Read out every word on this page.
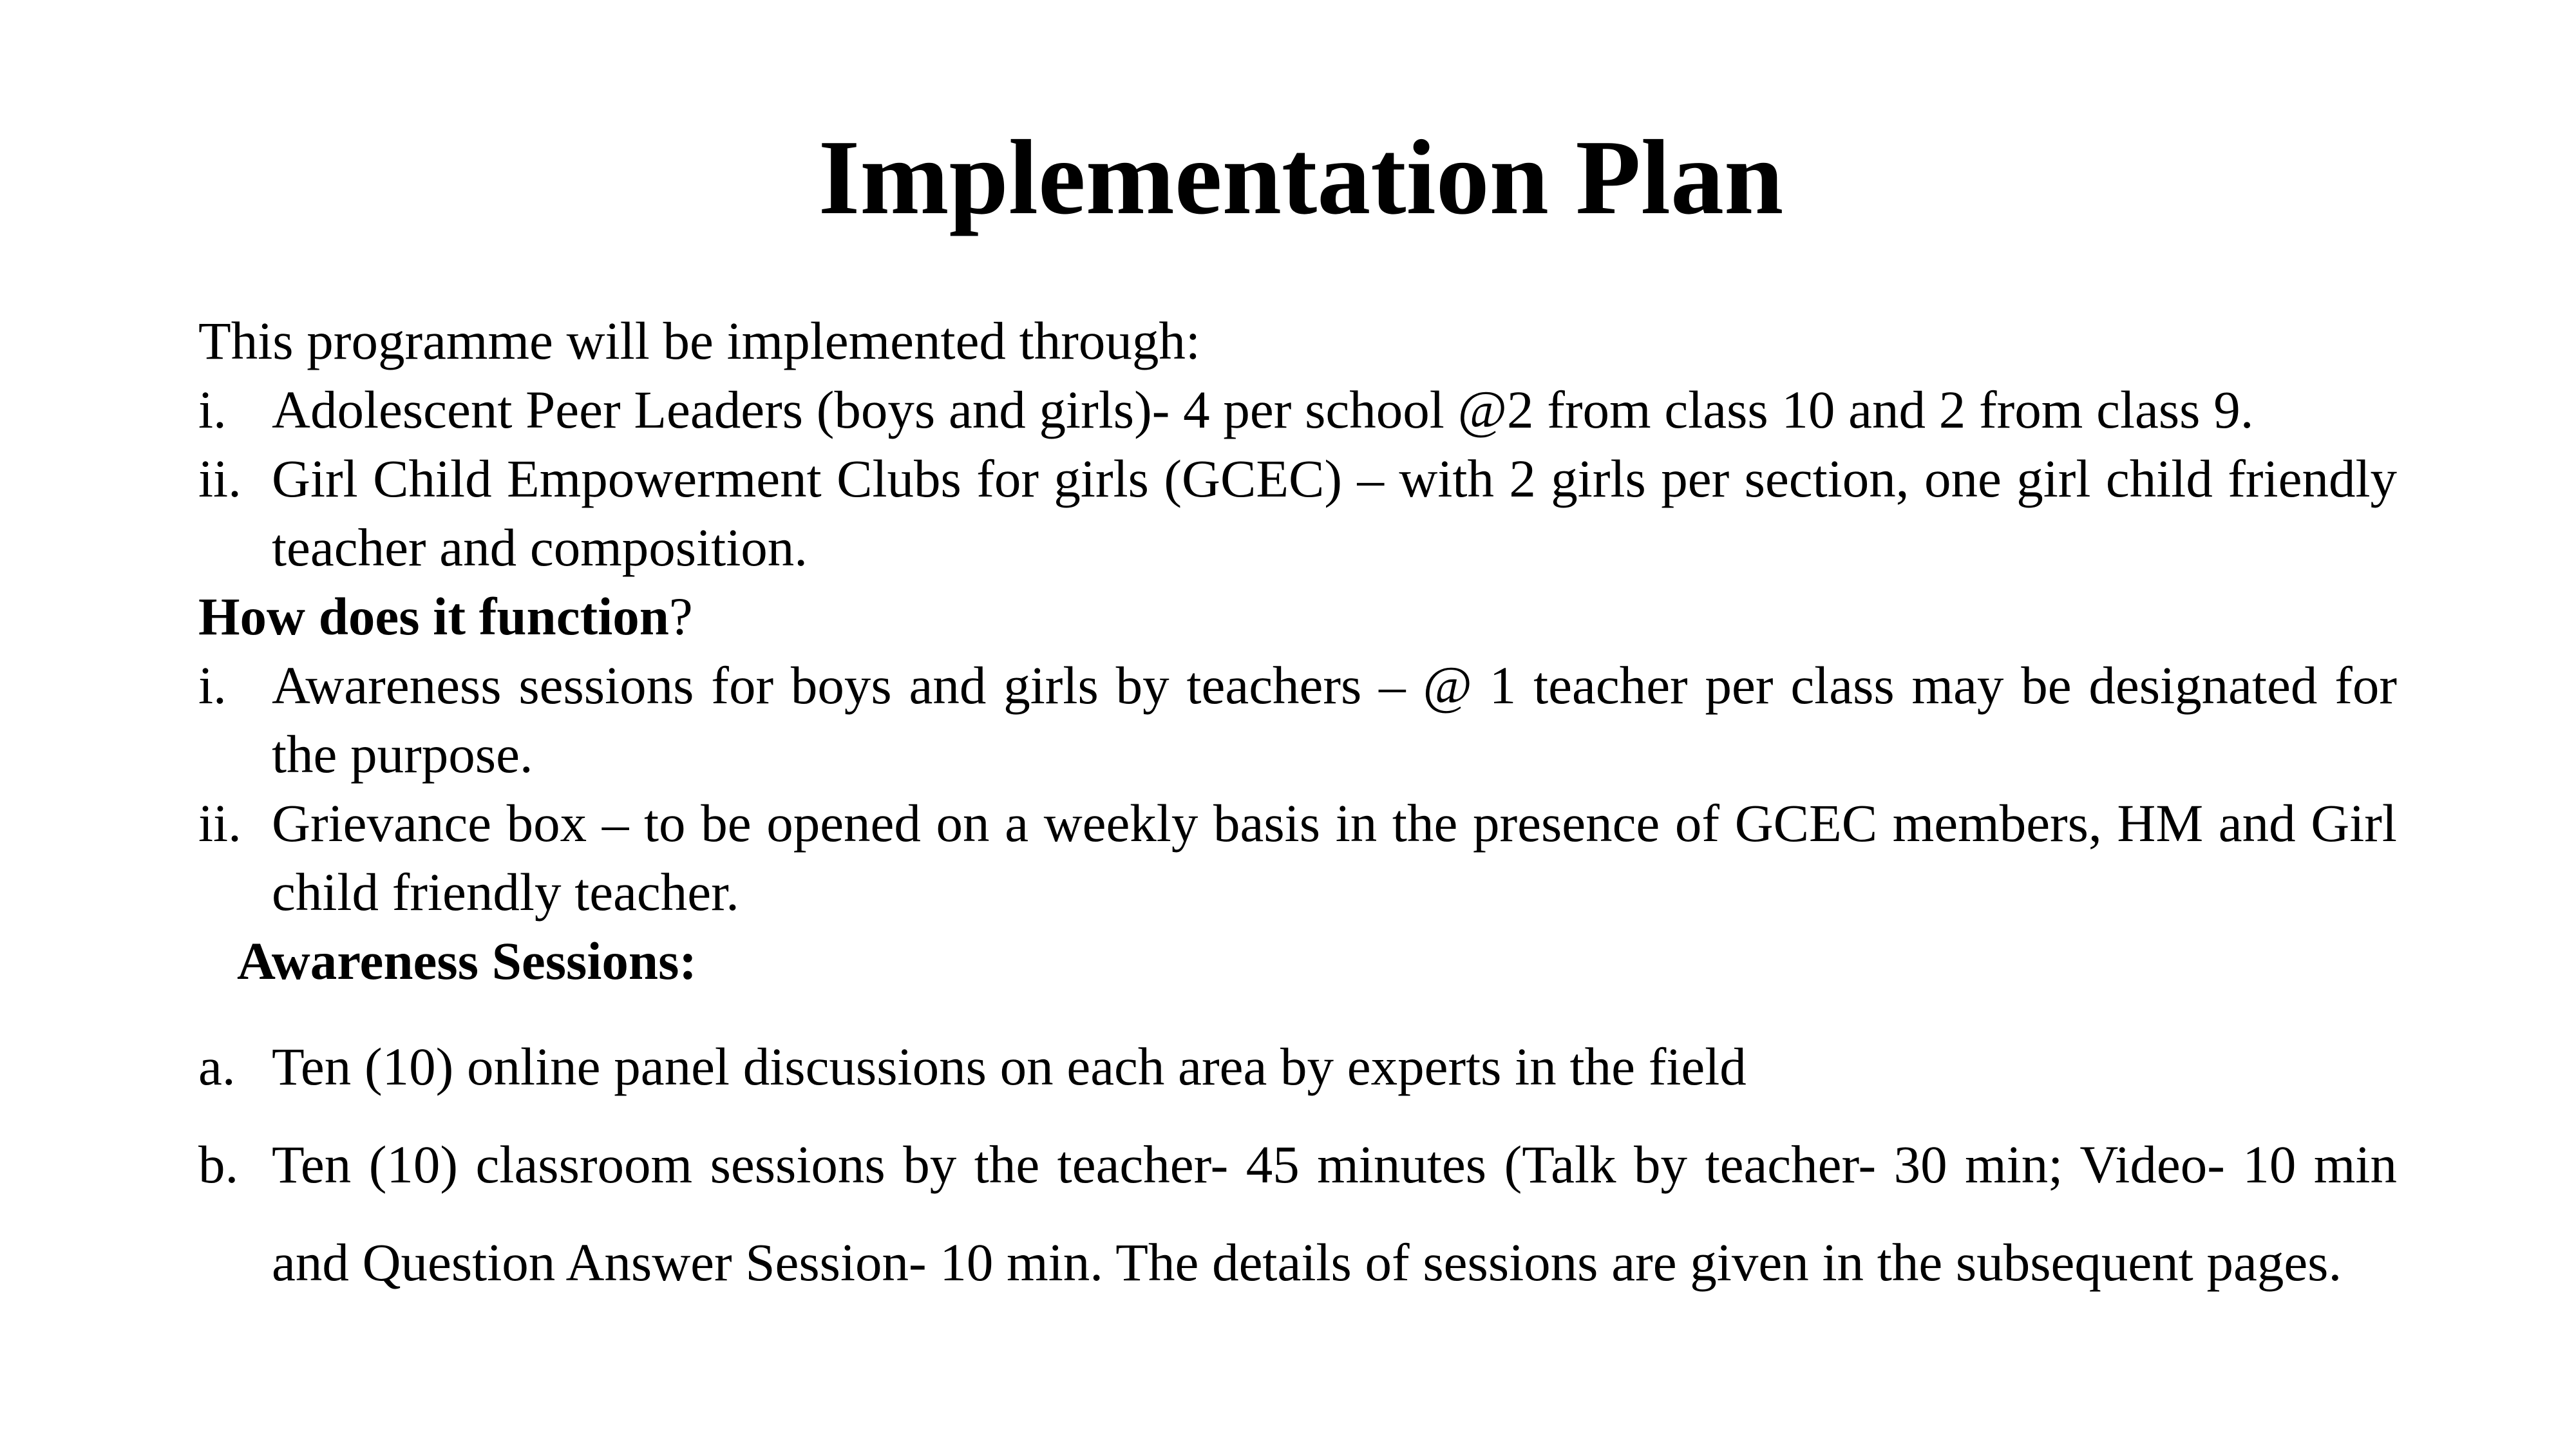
Implementation Plan
This programme will be implemented through:
i. Adolescent Peer Leaders (boys and girls)- 4 per school @2 from class 10 and 2 from class 9.
ii. Girl Child Empowerment Clubs for girls (GCEC) – with 2 girls per section, one girl child friendly teacher and composition.
How does it function?
i. Awareness sessions for boys and girls by teachers – @ 1 teacher per class may be designated for the purpose.
ii. Grievance box – to be opened on a weekly basis in the presence of GCEC members, HM and Girl child friendly teacher.
Awareness Sessions:
a. Ten (10) online panel discussions on each area by experts in the field
b. Ten (10) classroom sessions by the teacher- 45 minutes (Talk by teacher- 30 min; Video- 10 min and Question Answer Session- 10 min. The details of sessions are given in the subsequent pages.
